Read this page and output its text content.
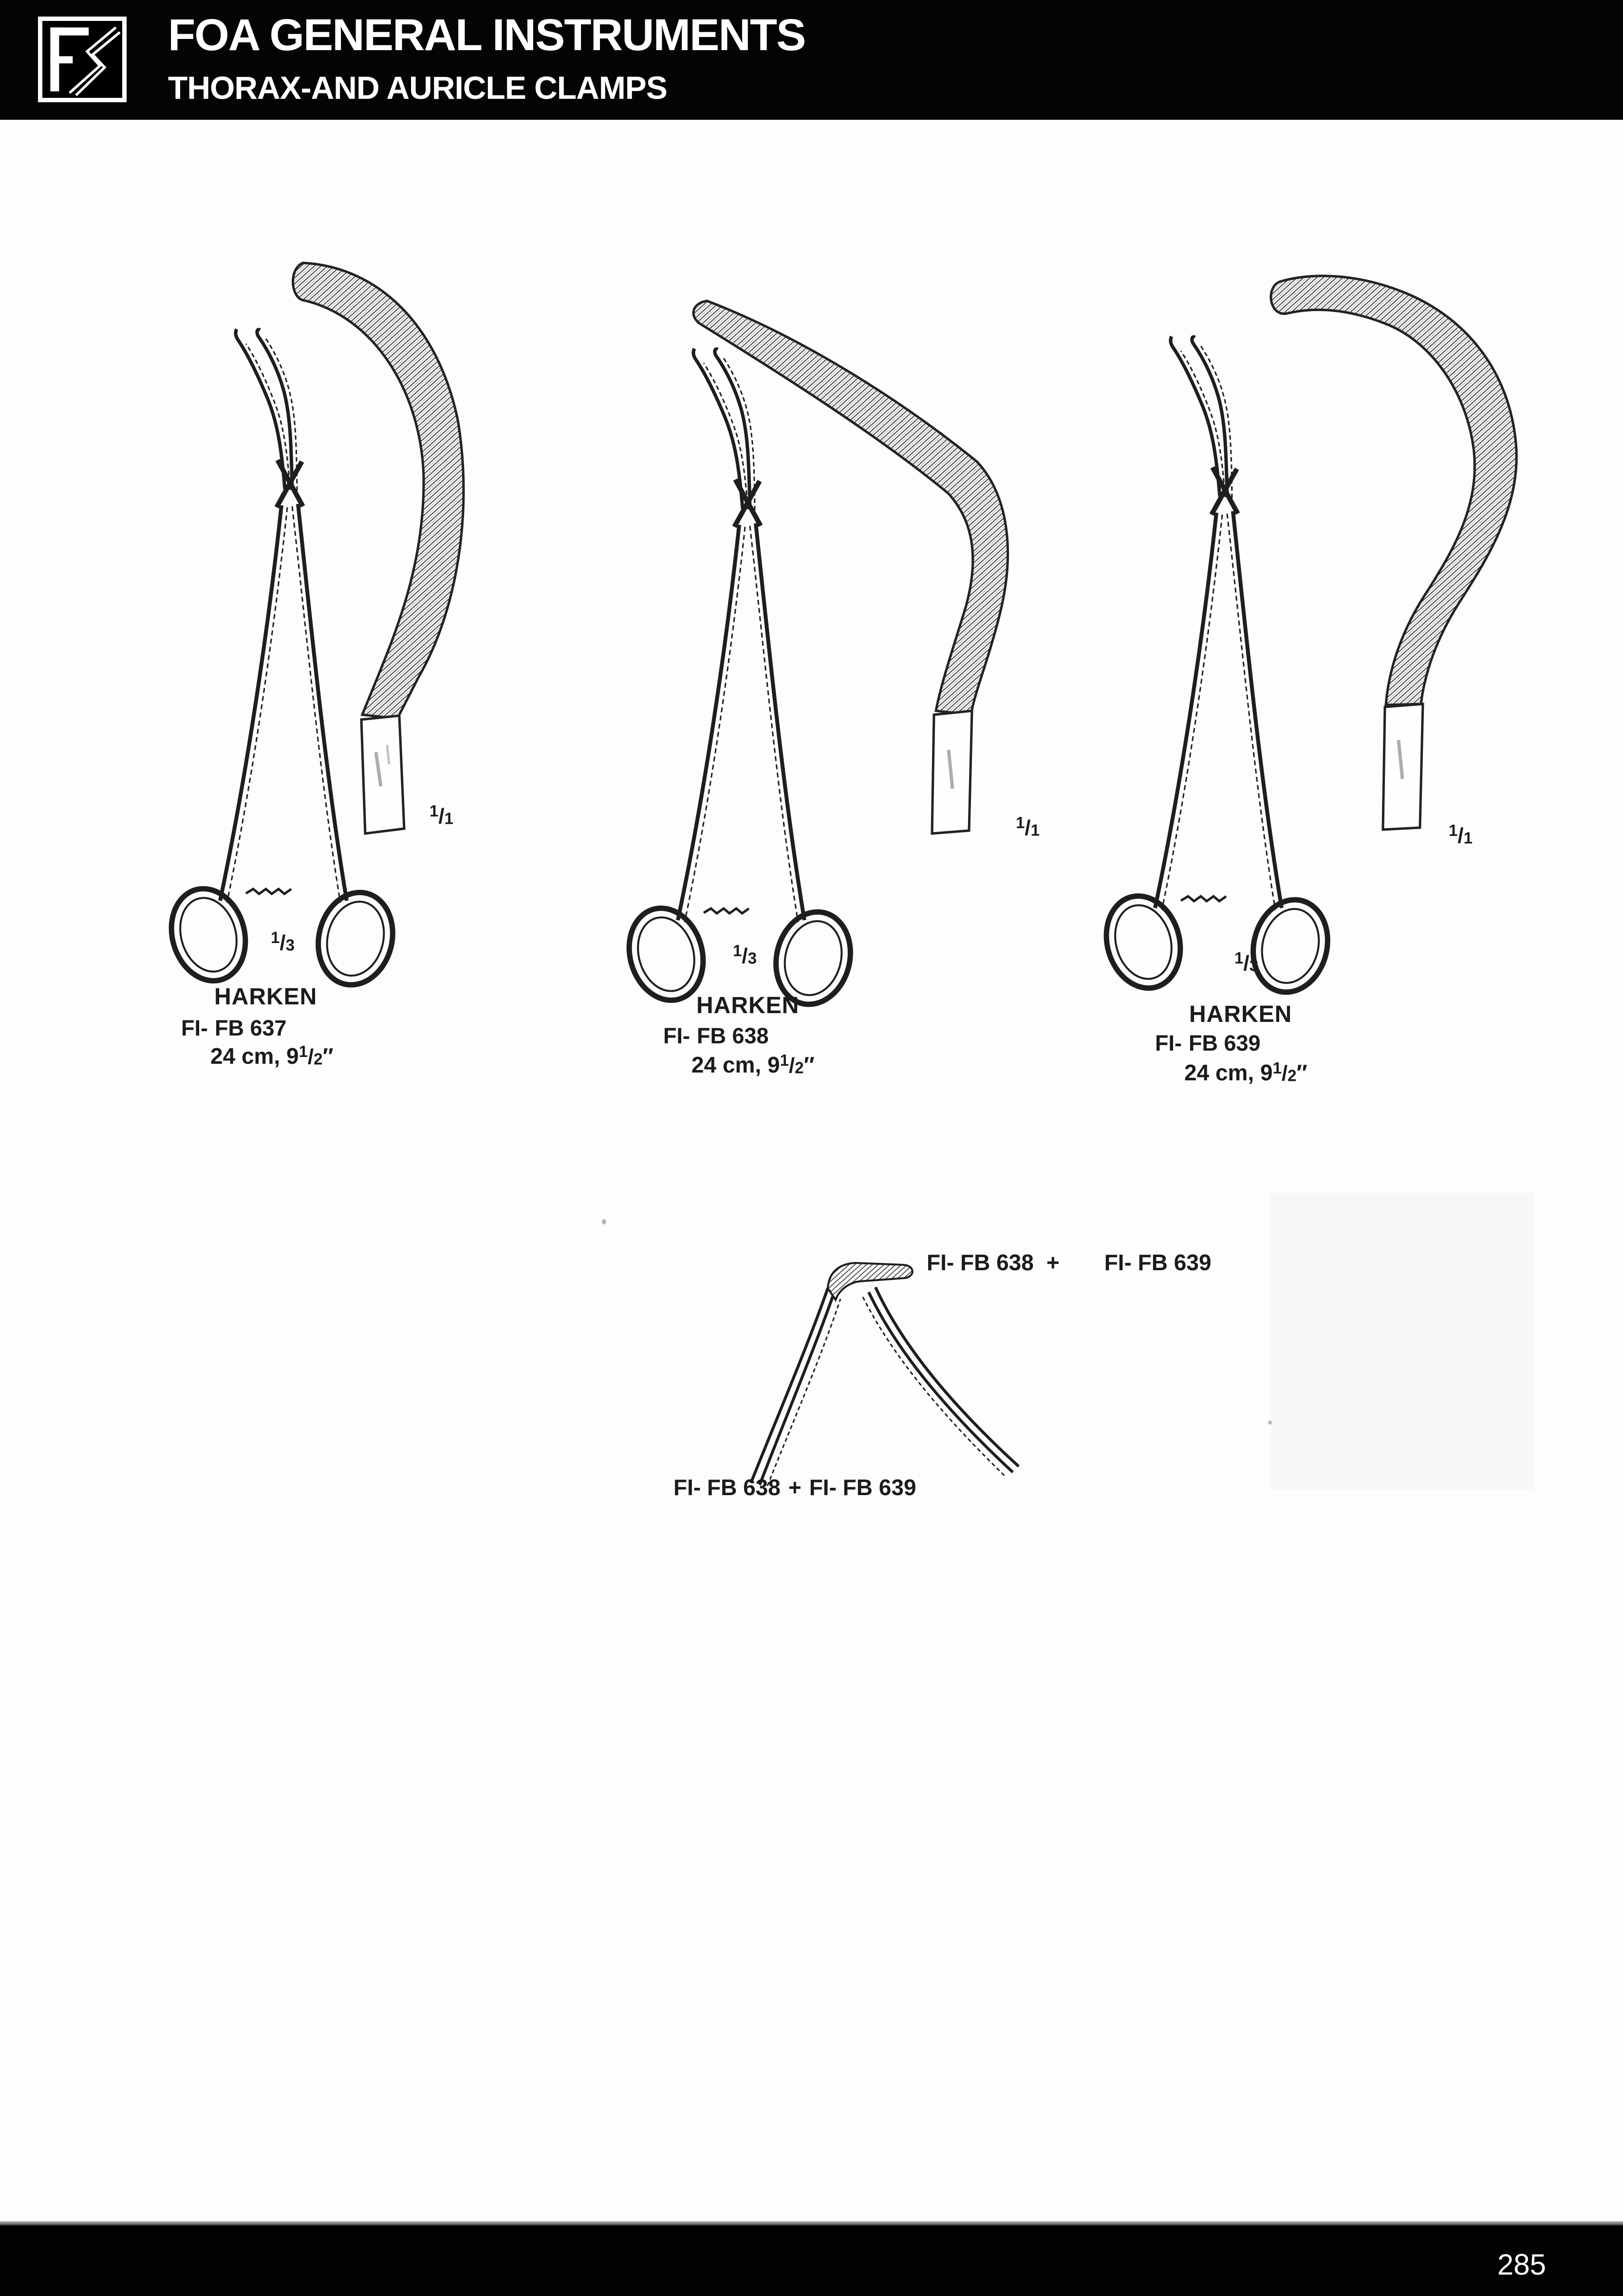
FOA GENERAL INSTRUMENTS
THORAX-AND AURICLE CLAMPS
$^1$/3
$^1$/1
$^1$/3
$^1$/1
$^1$/3
$^1$/1
HARKEN
FI- FB 637
24 cm, $9^1/2''$
HARKEN
FI- FB 638
24 cm, $9^1/2''$
HARKEN
FI- FB 639
24 cm, $9^1/2''$
FI- FB 638 + FI- FB 639
FI- FB 638 + FI- FB 639
285
